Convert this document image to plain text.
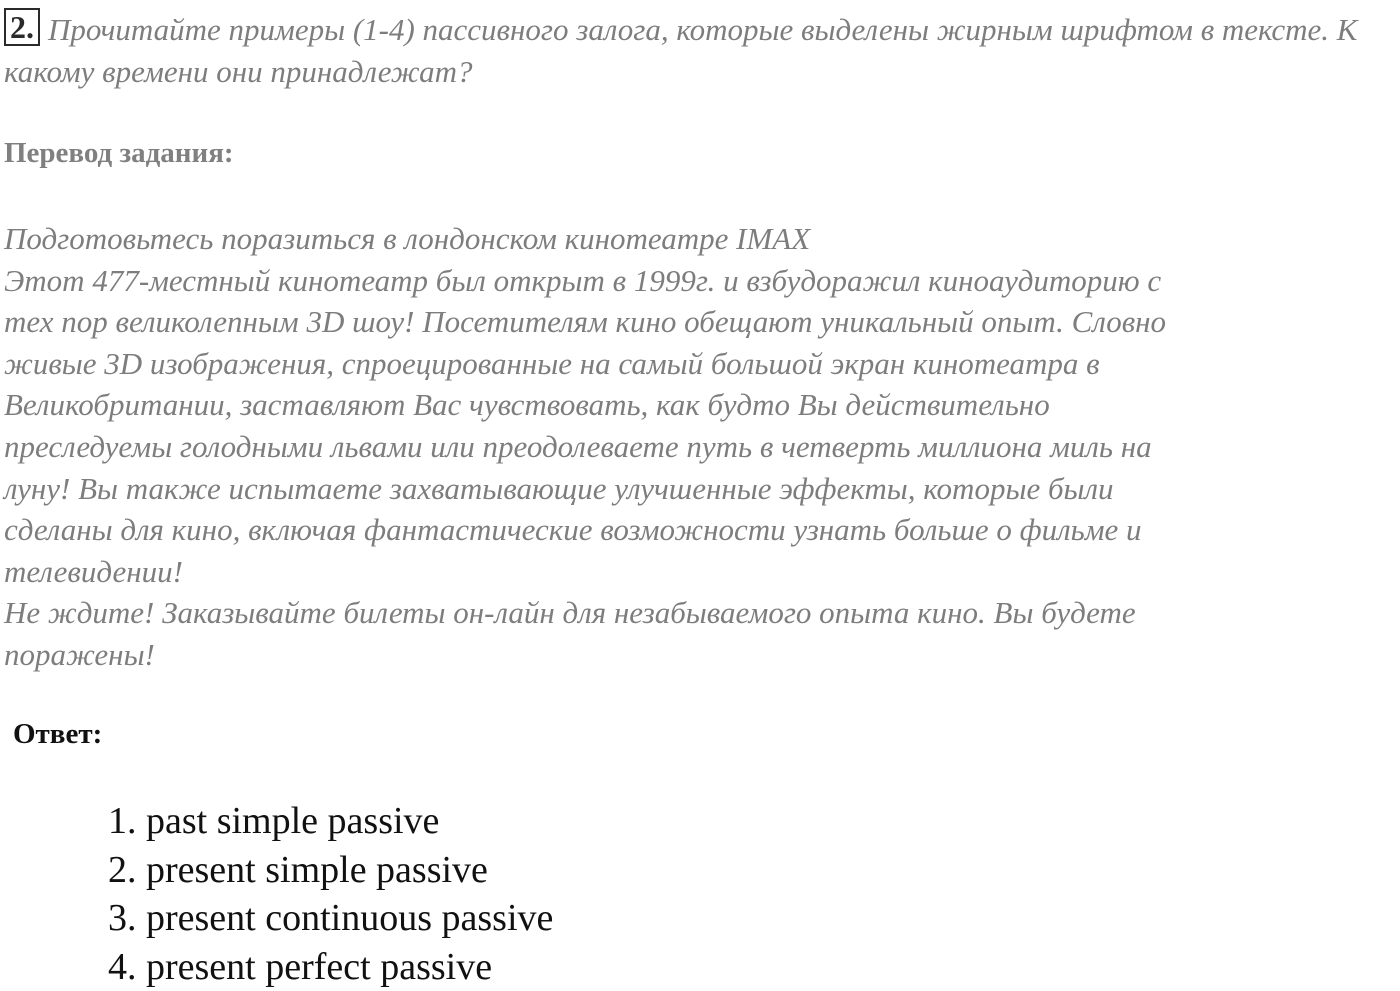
2. Прочитайте примеры (1-4) пассивного залога, которые выделены жирным шрифтом в тексте. К какому времени они принадлежат?

Перевод задания:
Подготовьтесь поразиться в лондонском кинотеатре IMAX
Этот 477-местный кинотеатр был открыт в 1999г. и взбудоражил киноаудиторию с
тех пор великолепным 3D шоу! Посетителям кино обещают уникальный опыт. Словно
живые 3D изображения, спроецированные на самый большой экран кинотеатра в
Великобритании, заставляют Вас чувствовать, как будто Вы действительно
преследуемы голодными львами или преодолеваете путь в четверть миллиона миль на
луну! Вы также испытаете захватывающие улучшенные эффекты, которые были
сделаны для кино, включая фантастические возможности узнать больше о фильме и
телевидении!
Не ждите! Заказывайте билеты он-лайн для незабываемого опыта кино. Вы будете
поражены!
Ответ:
1. past simple passive
2. present simple passive
3. present continuous passive
4. present perfect passive
